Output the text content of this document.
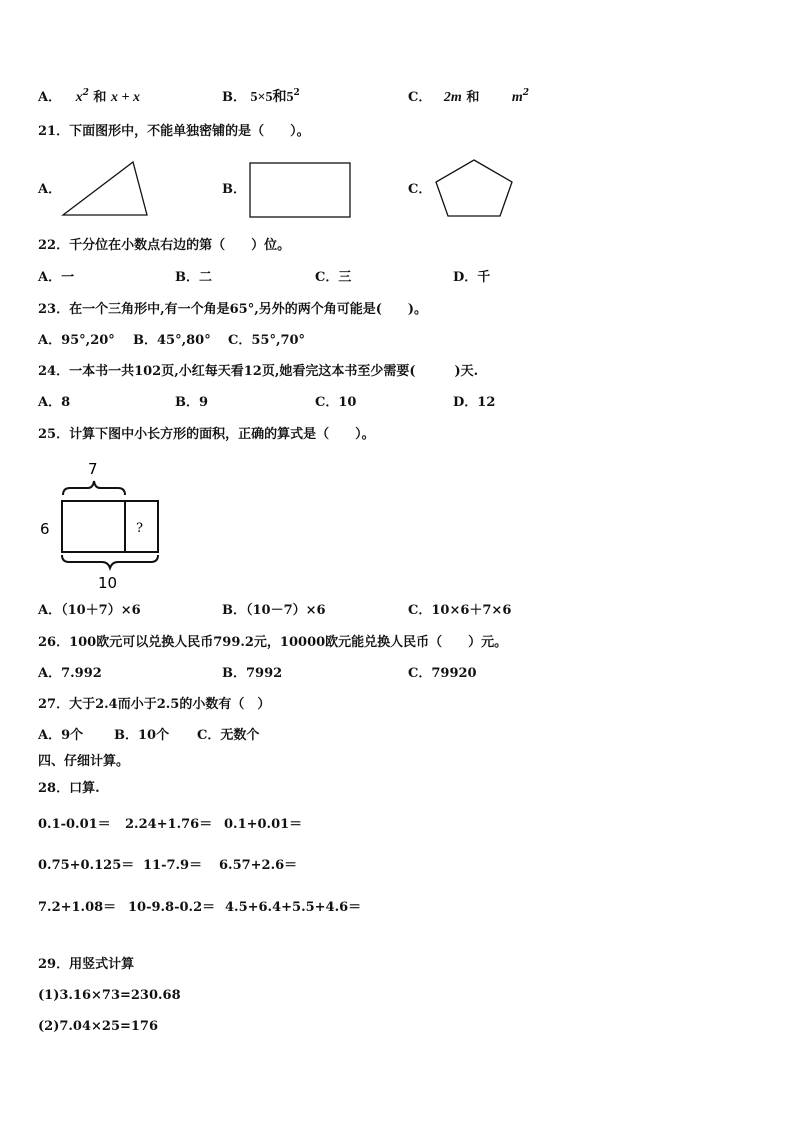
A． $x^2$ 和 x + x	B． 5×5和$5^2$	C． 2m 和 $m^2$
21．下面图形中，不能单独密铺的是（　　）。
A．	B．	C．
22．千分位在小数点右边的第（　　）位。
A．一	B．二	C．三	D．千
23．在一个三角形中,有一个角是65°,另外的两个角可能是(　　)。
A．95°,20° B．45°,80° C．55°,70°
24．一本书一共102页,小红每天看12页,她看完这本书至少需要(　　　)天.
A．8	B．9	C．10	D．12
25．计算下图中小长方形的面积，正确的算式是（　　）。
7
6
10
?
A．（10＋7）×6	B．（10－7）×6	C．10×6＋7×6
26．100欧元可以兑换人民币799.2元，10000欧元能兑换人民币（　　）元。
A．7.992	B．7992	C．79920
27．大于2.4而小于2.5的小数有（　）
A．9个 B．10个 C．无数个
四、仔细计算。
28．口算.
0.1-0.01＝ 2.24+1.76＝ 0.1+0.01＝
0.75+0.125＝ 11-7.9＝ 6.57+2.6＝
7.2+1.08＝ 10-9.8-0.2＝ 4.5+6.4+5.5+4.6＝
29．用竖式计算
(1)3.16×73=230.68
(2)7.04×25=176
